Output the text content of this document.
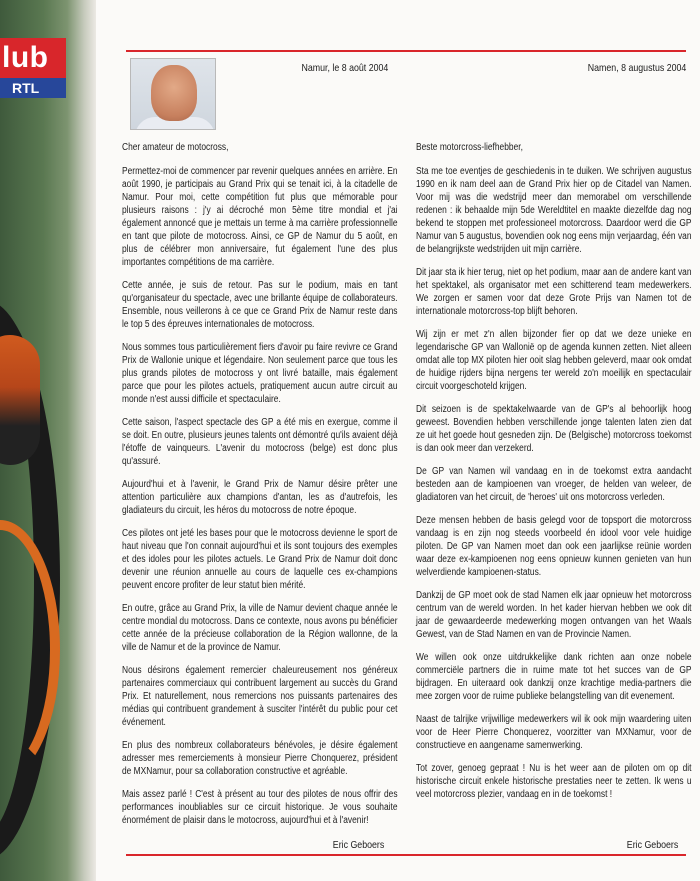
lub
RTL
Namur, le 8 août 2004	Namen, 8 augustus 2004

Cher amateur de motocross,

Permettez-moi de commencer par revenir quelques années en arrière. En août 1990, je participais au Grand Prix qui se tenait ici, à la citadelle de Namur. Pour moi, cette compétition fut plus que mémorable pour plusieurs raisons : j'y ai décroché mon 5ème titre mondial et j'ai également annoncé que je mettais un terme à ma carrière professionnelle en tant que pilote de motocross. Ainsi, ce GP de Namur du 5 août, en plus de célébrer mon anniversaire, fut également l'une des plus importantes compétitions de ma carrière.

Cette année, je suis de retour. Pas sur le podium, mais en tant qu'organisateur du spectacle, avec une brillante équipe de collaborateurs. Ensemble, nous veillerons à ce que ce Grand Prix de Namur reste dans le top 5 des épreuves internationales de motocross.

Nous sommes tous particulièrement fiers d'avoir pu faire revivre ce Grand Prix de Wallonie unique et légendaire. Non seulement parce que tous les plus grands pilotes de motocross y ont livré bataille, mais également parce que pour les pilotes actuels, pratiquement aucun autre circuit au monde n'est aussi difficile et spectaculaire.

Cette saison, l'aspect spectacle des GP a été mis en exergue, comme il se doit. En outre, plusieurs jeunes talents ont démontré qu'ils avaient déjà l'étoffe de vainqueurs. L'avenir du motocross (belge) est donc plus qu'assuré.

Aujourd'hui et à l'avenir, le Grand Prix de Namur désire prêter une attention particulière aux champions d'antan, les as d'autrefois, les gladiateurs du circuit, les héros du motocross de notre époque.

Ces pilotes ont jeté les bases pour que le motocross devienne le sport de haut niveau que l'on connait aujourd'hui et ils sont toujours des exemples et des idoles pour les pilotes actuels. Le Grand Prix de Namur doit donc devenir une réunion annuelle au cours de laquelle ces ex-champions peuvent encore profiter de leur statut bien mérité.

En outre, grâce au Grand Prix, la ville de Namur devient chaque année le centre mondial du motocross. Dans ce contexte, nous avons pu bénéficier cette année de la précieuse collaboration de la Région wallonne, de la ville de Namur et de la province de Namur.

Nous désirons également remercier chaleureusement nos généreux partenaires commerciaux qui contribuent largement au succès du Grand Prix. Et naturellement, nous remercions nos puissants partenaires des médias qui contribuent grandement à susciter l'intérêt du public pour cet événement.

En plus des nombreux collaborateurs bénévoles, je désire également adresser mes remerciements à monsieur Pierre Chonquerez, président de MXNamur, pour sa collaboration constructive et agréable.

Mais assez parlé ! C'est à présent au tour des pilotes de nous offrir des performances inoubliables sur ce circuit historique. Je vous souhaite énormément de plaisir dans le motocross, aujourd'hui et à l'avenir!

Beste motorcross-liefhebber,

Sta me toe eventjes de geschiedenis in te duiken. We schrijven augustus 1990 en ik nam deel aan de Grand Prix hier op de Citadel van Namen. Voor mij was die wedstrijd meer dan memorabel om verschillende redenen : ik behaalde mijn 5de Wereldtitel en maakte diezelfde dag nog bekend te stoppen met professioneel motorcross. Daardoor werd die GP Namur van 5 augustus, bovendien ook nog eens mijn verjaardag, één van de belangrijkste wedstrijden uit mijn carrière.

Dit jaar sta ik hier terug, niet op het podium, maar aan de andere kant van het spektakel, als organisator met een schitterend team medewerkers. We zorgen er samen voor dat deze Grote Prijs van Namen tot de internationale motorcross-top blijft behoren.

Wij zijn er met z'n allen bijzonder fier op dat we deze unieke en legendarische GP van Wallonië op de agenda kunnen zetten. Niet alleen omdat alle top MX piloten hier ooit slag hebben geleverd, maar ook omdat de huidige rijders bijna nergens ter wereld zo'n moeilijk en spectaculair circuit voorgeschoteld krijgen.

Dit seizoen is de spektakelwaarde van de GP's al behoorlijk hoog geweest. Bovendien hebben verschillende jonge talenten laten zien dat ze uit het goede hout gesneden zijn. De (Belgische) motorcross toekomst is dan ook meer dan verzekerd.

De GP van Namen wil vandaag en in de toekomst extra aandacht besteden aan de kampioenen van vroeger, de helden van weleer, de gladiatoren van het circuit, de 'heroes' uit ons motorcross verleden.

Deze mensen hebben de basis gelegd voor de topsport die motorcross vandaag is en zijn nog steeds voorbeeld én idool voor vele huidige piloten. De GP van Namen moet dan ook een jaarlijkse reünie worden waar deze ex-kampioenen nog eens opnieuw kunnen genieten van hun welverdiende kampioenen-status.

Dankzij de GP moet ook de stad Namen elk jaar opnieuw het motorcross centrum van de wereld worden. In het kader hiervan hebben we ook dit jaar de gewaardeerde medewerking mogen ontvangen van het Waals Gewest, van de Stad Namen en van de Provincie Namen.

We willen ook onze uitdrukkelijke dank richten aan onze nobele commerciële partners die in ruime mate tot het succes van de GP bijdragen. En uiteraard ook dankzij onze krachtige media-partners die mee zorgen voor de ruime publieke belangstelling van dit evenement.

Naast de talrijke vrijwillige medewerkers wil ik ook mijn waardering uiten voor de Heer Pierre Chonquerez, voorzitter van MXNamur, voor de constructieve en aangename samenwerking.

Tot zover, genoeg gepraat ! Nu is het weer aan de piloten om op dit historische circuit enkele historische prestaties neer te zetten. Ik wens u veel motorcross plezier, vandaag en in de toekomst !

Eric Geboers	Eric Geboers
